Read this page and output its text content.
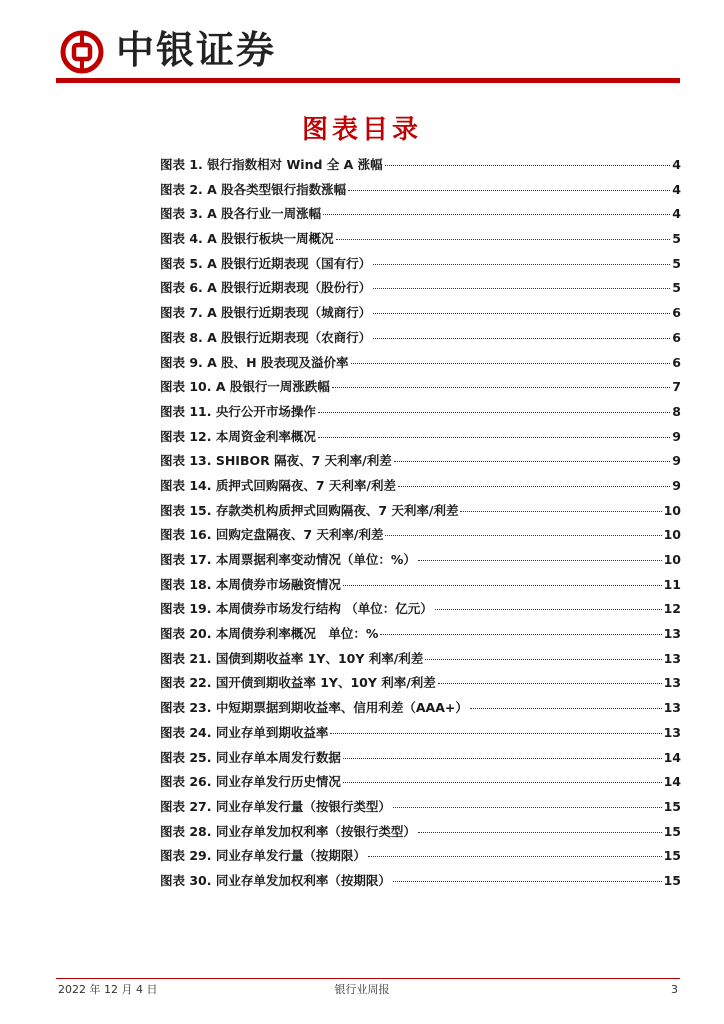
中银证券
图表目录
图表 1. 银行指数相对 Wind 全 A 涨幅	4
图表 2. A 股各类型银行指数涨幅	4
图表 3. A 股各行业一周涨幅	4
图表 4. A 股银行板块一周概况	5
图表 5. A 股银行近期表现（国有行）	5
图表 6. A 股银行近期表现（股份行）	5
图表 7. A 股银行近期表现（城商行）	6
图表 8. A 股银行近期表现（农商行）	6
图表 9. A 股、H 股表现及溢价率	6
图表 10. A 股银行一周涨跌幅	7
图表 11. 央行公开市场操作	8
图表 12. 本周资金利率概况	9
图表 13. SHIBOR 隔夜、7 天利率/利差	9
图表 14. 质押式回购隔夜、7 天利率/利差	9
图表 15. 存款类机构质押式回购隔夜、7 天利率/利差	10
图表 16. 回购定盘隔夜、7 天利率/利差	10
图表 17. 本周票据利率变动情况（单位：%）	10
图表 18. 本周债券市场融资情况	11
图表 19. 本周债券市场发行结构 （单位：亿元）	12
图表 20. 本周债券利率概况　单位：%	13
图表 21. 国债到期收益率 1Y、10Y 利率/利差	13
图表 22. 国开债到期收益率 1Y、10Y 利率/利差	13
图表 23. 中短期票据到期收益率、信用利差（AAA+）	13
图表 24. 同业存单到期收益率	13
图表 25. 同业存单本周发行数据	14
图表 26. 同业存单发行历史情况	14
图表 27. 同业存单发行量（按银行类型）	15
图表 28. 同业存单发加权利率（按银行类型）	15
图表 29. 同业存单发行量（按期限）	15
图表 30. 同业存单发加权利率（按期限）	15
2022 年 12 月 4 日	银行业周报	3
